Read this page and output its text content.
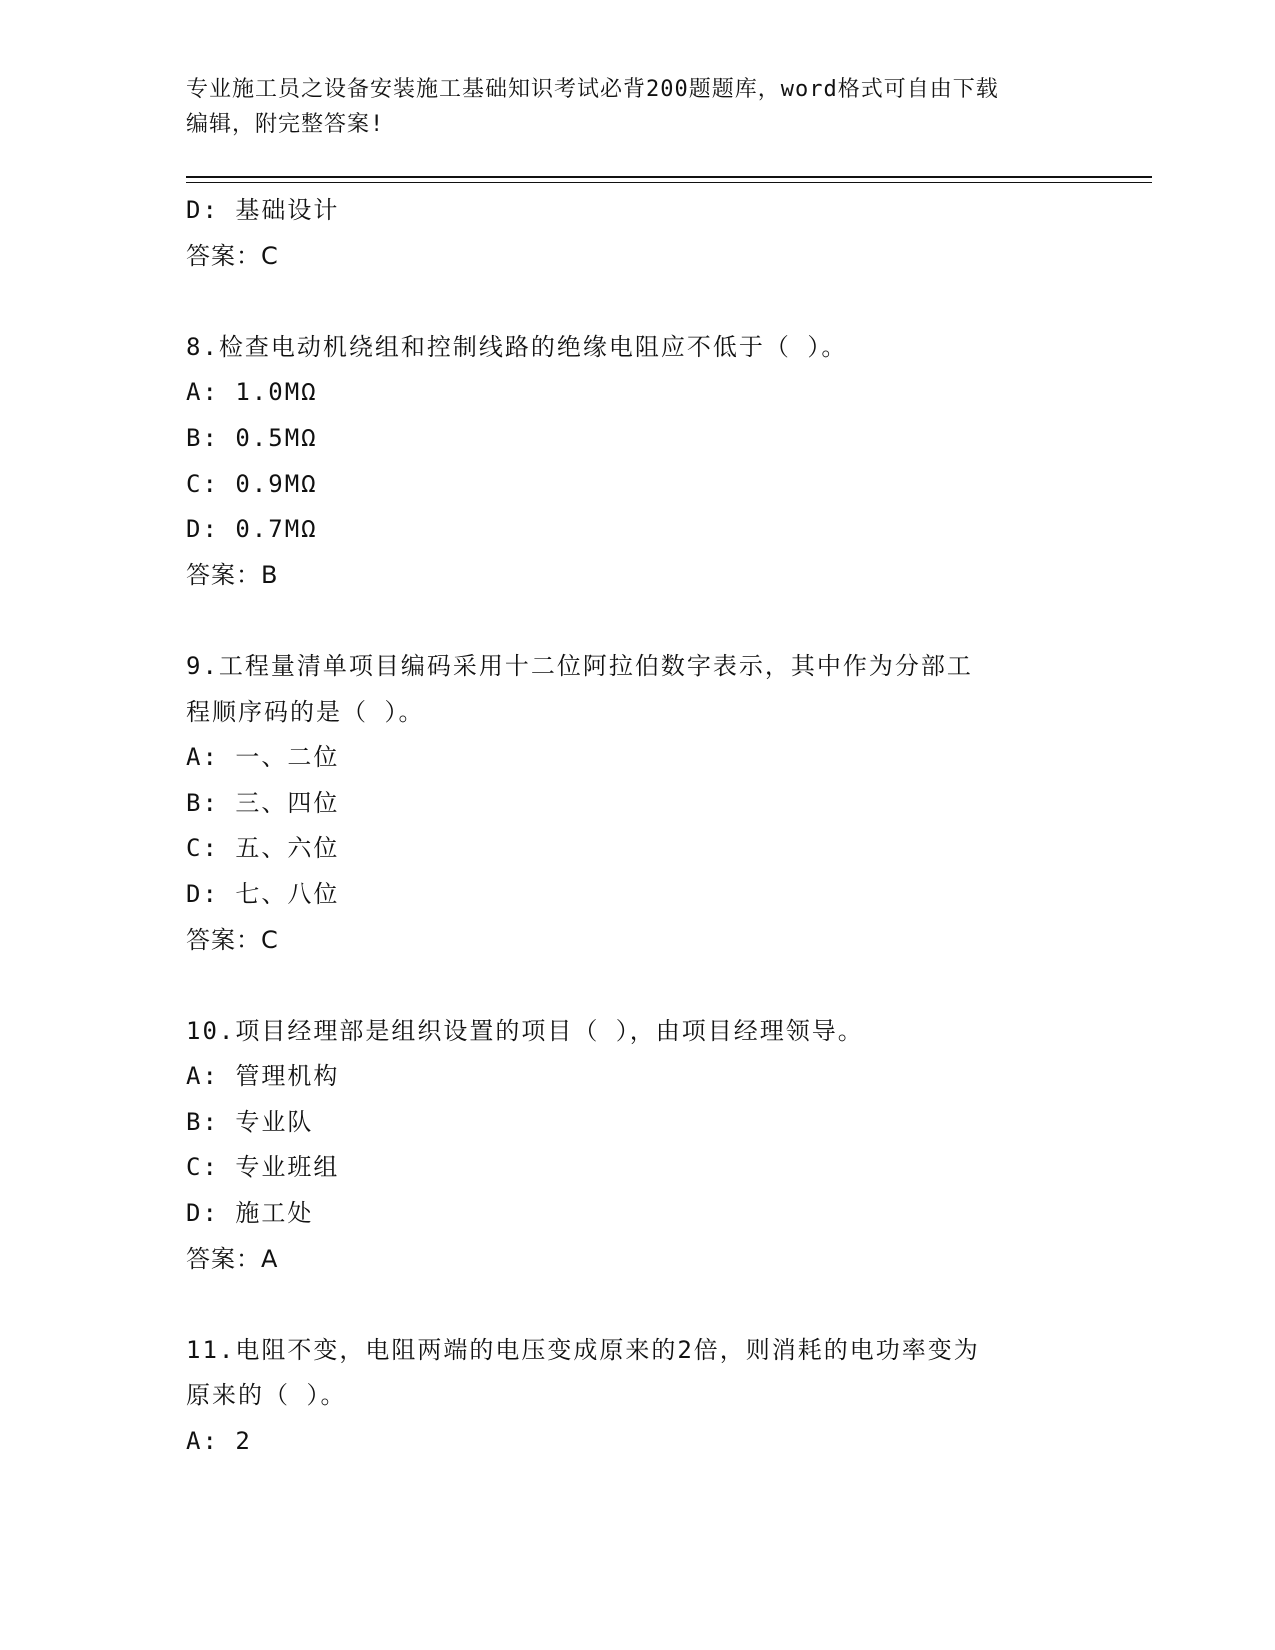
专业施工员之设备安装施工基础知识考试必背200题题库，word格式可自由下载
编辑，附完整答案!
D: 基础设计
答案：C
8.检查电动机绕组和控制线路的绝缘电阻应不低于（ ）。
A: 1.0MΩ
B: 0.5MΩ
C: 0.9MΩ
D: 0.7MΩ
答案：B
9.工程量清单项目编码采用十二位阿拉伯数字表示，其中作为分部工
程顺序码的是（ ）。
A: 一、二位
B: 三、四位
C: 五、六位
D: 七、八位
答案：C
10.项目经理部是组织设置的项目（ ），由项目经理领导。
A: 管理机构
B: 专业队
C: 专业班组
D: 施工处
答案：A
11.电阻不变，电阻两端的电压变成原来的2倍，则消耗的电功率变为
原来的（ ）。
A: 2
